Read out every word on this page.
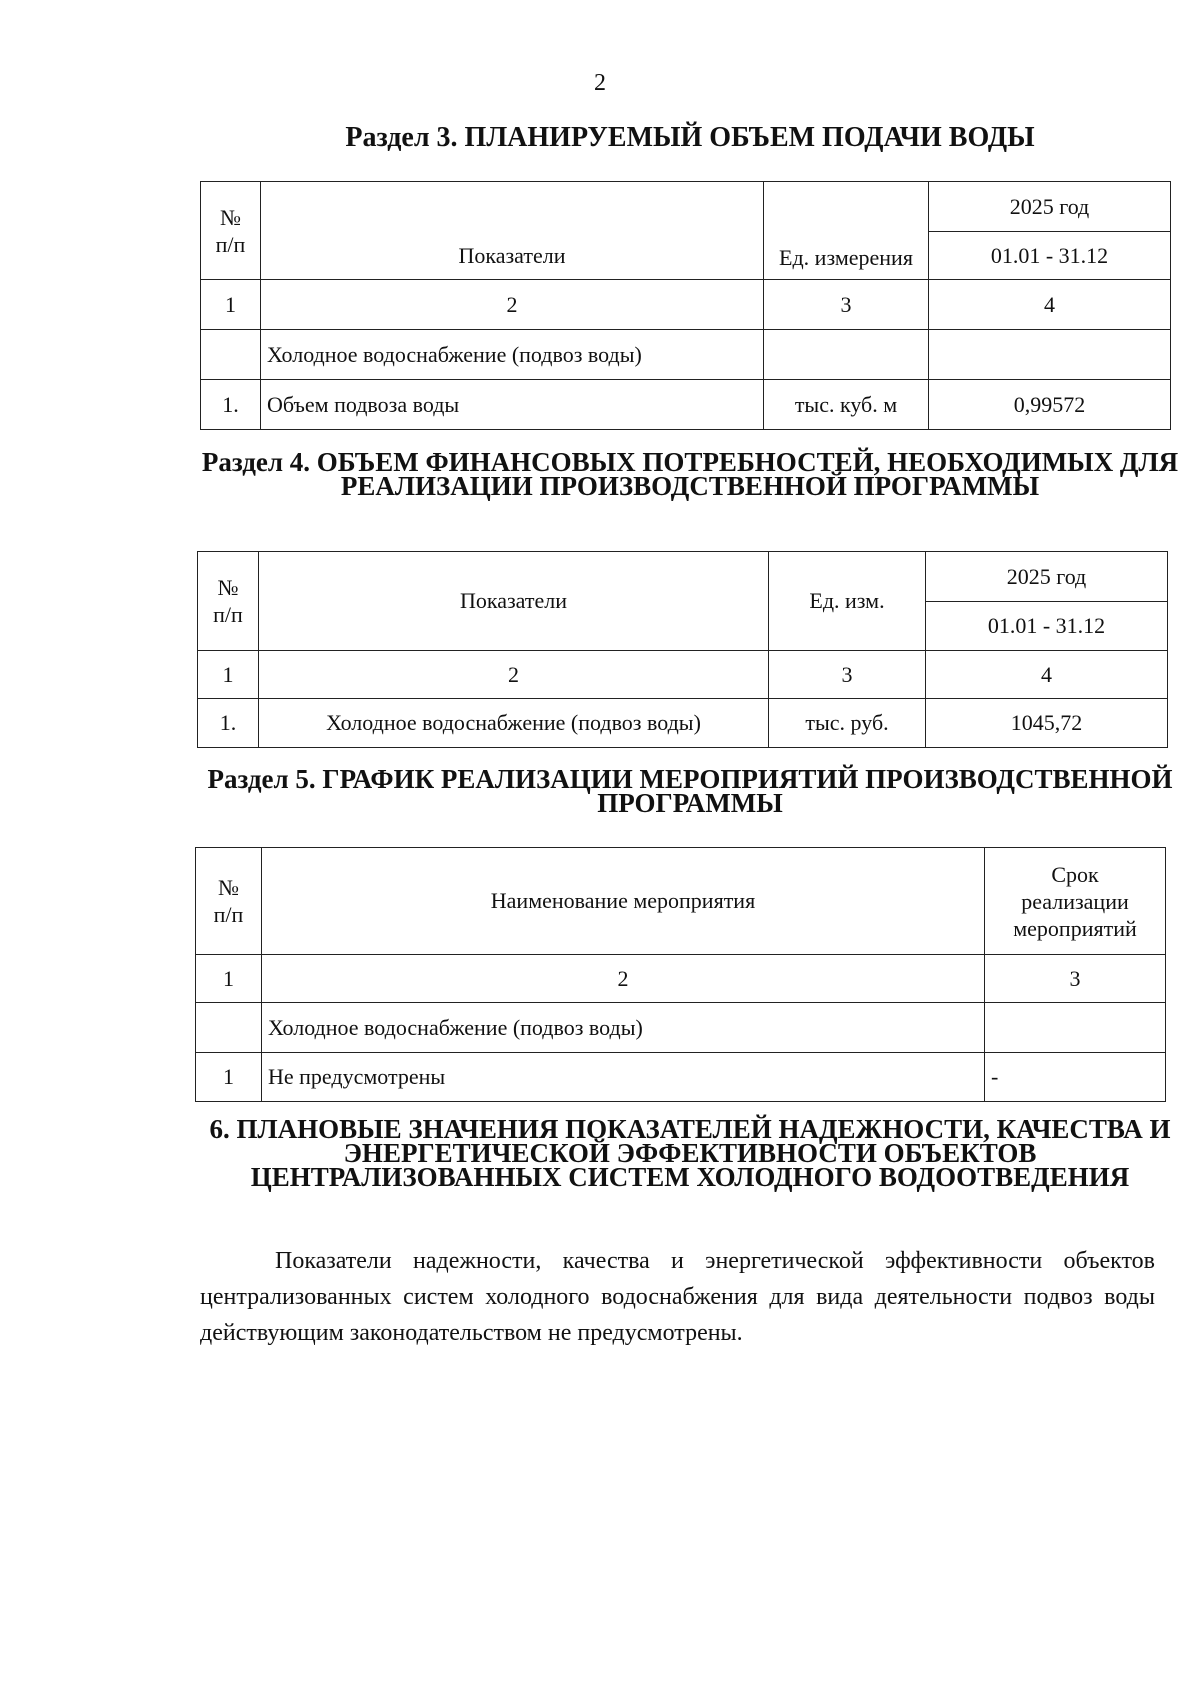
2
Раздел 3. ПЛАНИРУЕМЫЙ ОБЪЕМ ПОДАЧИ ВОДЫ
№
п/п	Показатели	Ед. измерения	2025 год
			01.01 - 31.12
1	2	3	4
	Холодное водоснабжение (подвоз воды)		
1.	Объем подвоза воды	тыс. куб. м	0,99572
Раздел 4. ОБЪЕМ ФИНАНСОВЫХ ПОТРЕБНОСТЕЙ, НЕОБХОДИМЫХ ДЛЯ РЕАЛИЗАЦИИ ПРОИЗВОДСТВЕННОЙ ПРОГРАММЫ
№
п/п	Показатели	Ед. изм.	2025 год
			01.01 - 31.12
1	2	3	4
1.	Холодное водоснабжение (подвоз воды)	тыс. руб.	1045,72
Раздел 5. ГРАФИК РЕАЛИЗАЦИИ МЕРОПРИЯТИЙ ПРОИЗВОДСТВЕННОЙ ПРОГРАММЫ
№
п/п	Наименование мероприятия	Срок
реализации
мероприятий
1	2	3
	Холодное водоснабжение (подвоз воды)	
1	Не предусмотрены	-
6. ПЛАНОВЫЕ ЗНАЧЕНИЯ ПОКАЗАТЕЛЕЙ НАДЕЖНОСТИ, КАЧЕСТВА И ЭНЕРГЕТИЧЕСКОЙ ЭФФЕКТИВНОСТИ ОБЪЕКТОВ ЦЕНТРАЛИЗОВАННЫХ СИСТЕМ ХОЛОДНОГО ВОДООТВЕДЕНИЯ
Показатели надежности, качества и энергетической эффективности объектов централизованных систем холодного водоснабжения для вида деятельности подвоз воды действующим законодательством не предусмотрены.
